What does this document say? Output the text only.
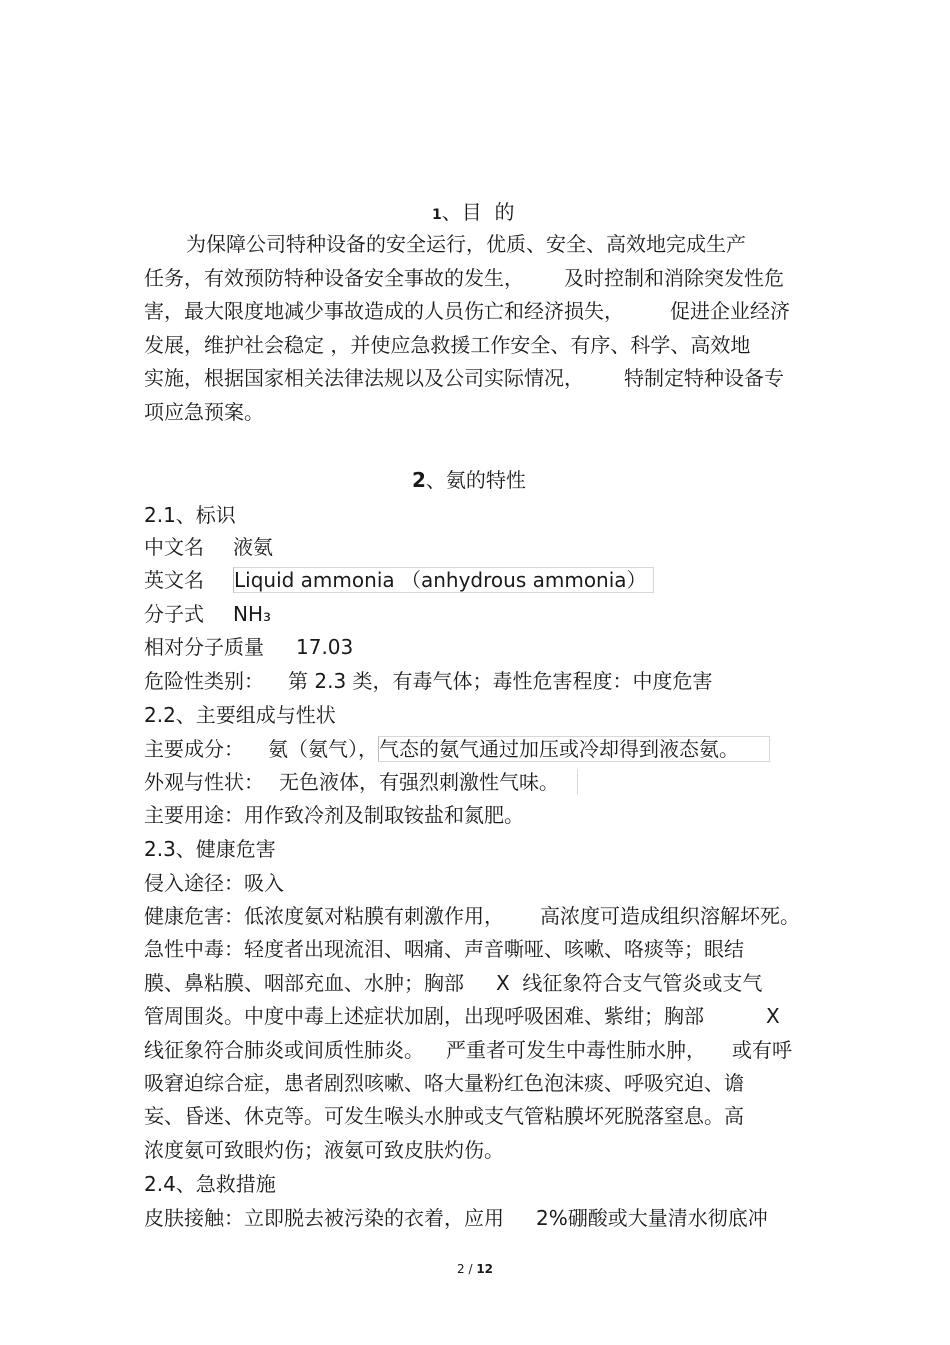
1、目  的
为保障公司特种设备的安全运行，优质、安全、高效地完成生产
任务，有效预防特种设备安全事故的发生， 及时控制和消除突发性危
害，最大限度地减少事故造成的人员伤亡和经济损失， 促进企业经济
发展，维护社会稳定 ，并使应急救援工作安全、有序、科学、高效地
实施，根据国家相关法律法规以及公司实际情况， 特制定特种设备专
项应急预案。
2、氨的特性
2.1、标识
中文名 液氨
英文名 Liquid ammonia （anhydrous ammonia）
分子式 NH₃
相对分子质量 17.03
危险性类别： 第 2.3 类，有毒气体；毒性危害程度：中度危害
2.2、主要组成与性状
主要成分： 氨（氨气），气态的氨气通过加压或冷却得到液态氨。
外观与性状： 无色液体，有强烈刺激性气味。
主要用途：用作致冷剂及制取铵盐和氮肥。
2.3、健康危害
侵入途径：吸入
健康危害：低浓度氨对粘膜有刺激作用， 高浓度可造成组织溶解坏死。
急性中毒：轻度者出现流泪、咽痛、声音嘶哑、咳嗽、咯痰等；眼结
膜、鼻粘膜、咽部充血、水肿；胸部 X  线征象符合支气管炎或支气
管周围炎。中度中毒上述症状加剧，出现呼吸困难、紫绀；胸部	X
线征象符合肺炎或间质性肺炎。 严重者可发生中毒性肺水肿， 或有呼
吸窘迫综合症，患者剧烈咳嗽、咯大量粉红色泡沫痰、呼吸究迫、谵
妄、昏迷、休克等。可发生喉头水肿或支气管粘膜坏死脱落窒息。高
浓度氨可致眼灼伤；液氨可致皮肤灼伤。
2.4、急救措施
皮肤接触：立即脱去被污染的衣着，应用 2%硼酸或大量清水彻底冲
2 / 12
